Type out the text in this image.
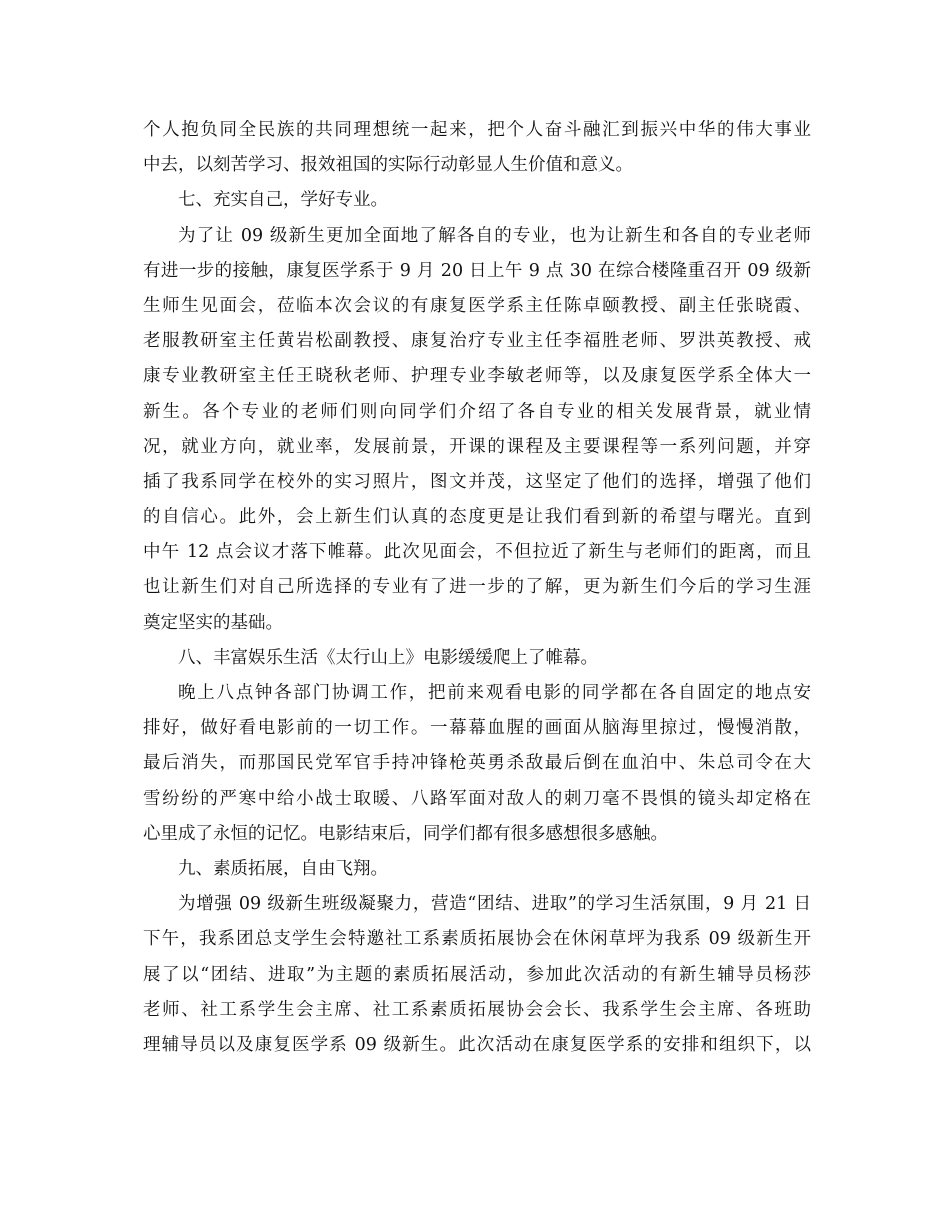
个人抱负同全民族的共同理想统一起来，把个人奋斗融汇到振兴中华的伟大事业
中去，以刻苦学习、报效祖国的实际行动彰显人生价值和意义。
七、充实自己，学好专业。
为了让 09 级新生更加全面地了解各自的专业，也为让新生和各自的专业老师
有进一步的接触，康复医学系于 9 月 20 日上午 9 点 30 在综合楼隆重召开 09 级新
生师生见面会，莅临本次会议的有康复医学系主任陈卓颐教授、副主任张晓霞、
老服教研室主任黄岩松副教授、康复治疗专业主任李福胜老师、罗洪英教授、戒
康专业教研室主任王晓秋老师、护理专业李敏老师等，以及康复医学系全体大一
新生。各个专业的老师们则向同学们介绍了各自专业的相关发展背景，就业情
况，就业方向，就业率，发展前景，开课的课程及主要课程等一系列问题，并穿
插了我系同学在校外的实习照片，图文并茂，这坚定了他们的选择，增强了他们
的自信心。此外，会上新生们认真的态度更是让我们看到新的希望与曙光。直到
中午 12 点会议才落下帷幕。此次见面会，不但拉近了新生与老师们的距离，而且
也让新生们对自己所选择的专业有了进一步的了解，更为新生们今后的学习生涯
奠定坚实的基础。
八、丰富娱乐生活《太行山上》电影缓缓爬上了帷幕。
晚上八点钟各部门协调工作，把前来观看电影的同学都在各自固定的地点安
排好，做好看电影前的一切工作。一幕幕血腥的画面从脑海里掠过，慢慢消散，
最后消失，而那国民党军官手持冲锋枪英勇杀敌最后倒在血泊中、朱总司令在大
雪纷纷的严寒中给小战士取暖、八路军面对敌人的刺刀毫不畏惧的镜头却定格在
心里成了永恒的记忆。电影结束后，同学们都有很多感想很多感触。
九、素质拓展，自由飞翔。
为增强 09 级新生班级凝聚力，营造“团结、进取”的学习生活氛围，9 月 21 日
下午，我系团总支学生会特邀社工系素质拓展协会在休闲草坪为我系 09 级新生开
展了以“团结、进取”为主题的素质拓展活动，参加此次活动的有新生辅导员杨莎
老师、社工系学生会主席、社工系素质拓展协会会长、我系学生会主席、各班助
理辅导员以及康复医学系 09 级新生。此次活动在康复医学系的安排和组织下，以
